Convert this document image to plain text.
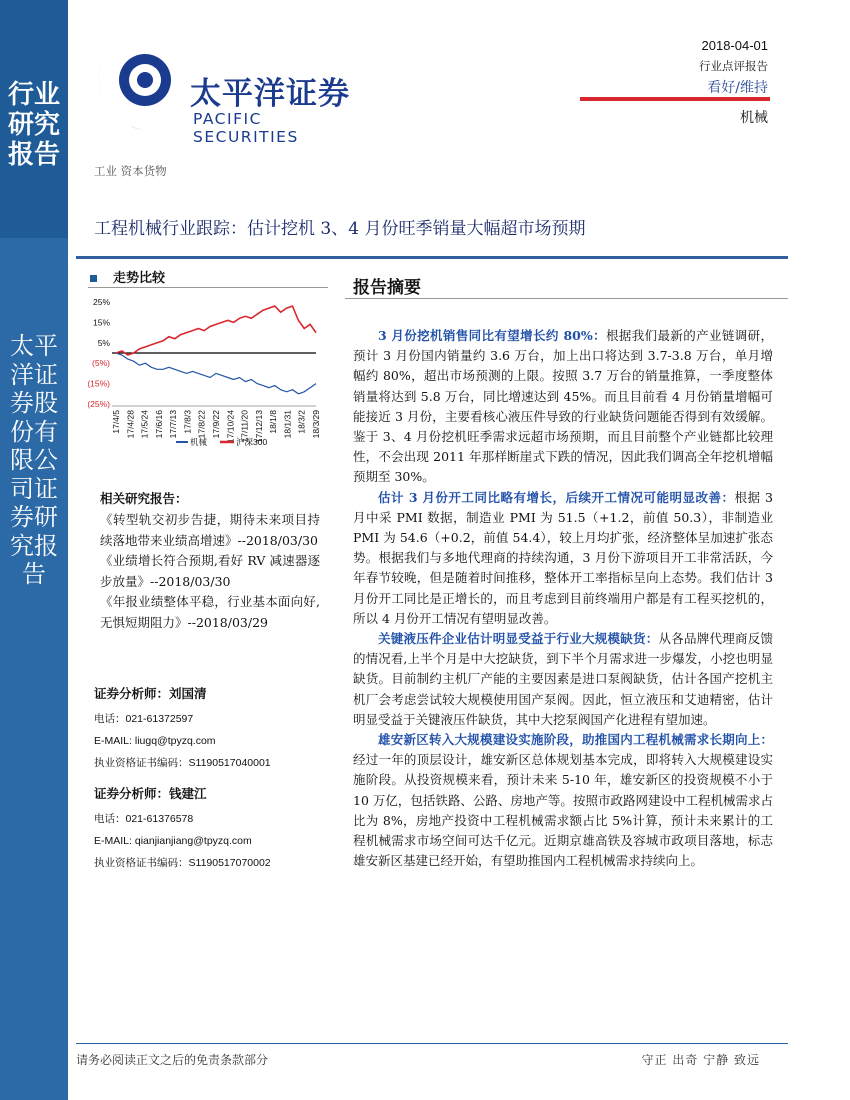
行业研究报告
太平洋证券股份有限公司证券研究报告
太平洋证券
PACIFIC SECURITIES
2018-04-01
行业点评报告
看好/维持
机械
工业 资本货物
工程机械行业跟踪：估计挖机 3、4 月份旺季销量大幅超市场预期
走势比较
25%
15%
5%
(5%)
(15%)
(25%)
17/4/5 17/4/28 17/5/24 17/6/16 17/7/13 17/8/3 17/8/22 17/9/22 17/10/24 17/11/20 17/12/13 18/1/8 18/1/31 18/3/2 18/3/29
机械	沪深300
相关研究报告：

《转型轨交初步告捷，期待未来项目持续落地带来业绩高增速》--2018/03/30

《业绩增长符合预期,看好 RV 减速器逐步放量》--2018/03/30

《年报业绩整体平稳，行业基本面向好,无惧短期阻力》--2018/03/29

证券分析师：刘国清
电话：021-61372597
E-MAIL: liugq@tpyzq.com
执业资格证书编码：S1190517040001
证券分析师：钱建江
电话：021-61376578
E-MAIL: qianjianjiang@tpyzq.com
执业资格证书编码：S1190517070002
报告摘要

3 月份挖机销售同比有望增长约 80%：根据我们最新的产业链调研，预计 3 月份国内销量约 3.6 万台，加上出口将达到 3.7-3.8 万台，单月增幅约 80%，超出市场预测的上限。按照 3.7 万台的销量推算，一季度整体销量将达到 5.8 万台，同比增速达到 45%。而且目前看 4 月份销量增幅可能接近 3 月份，主要看核心液压件导致的行业缺货问题能否得到有效缓解。鉴于 3、4 月份挖机旺季需求远超市场预期，而且目前整个产业链都比较理性，不会出现 2011 年那样断崖式下跌的情况，因此我们调高全年挖机增幅预期至 30%。

估计 3 月份开工同比略有增长，后续开工情况可能明显改善：根据 3 月中采 PMI 数据，制造业 PMI 为 51.5（+1.2，前值 50.3），非制造业 PMI 为 54.6（+0.2，前值 54.4），较上月均扩张，经济整体呈加速扩张态势。根据我们与多地代理商的持续沟通，3 月份下游项目开工非常活跃，今年春节较晚，但是随着时间推移，整体开工率指标呈向上态势。我们估计 3 月份开工同比是正增长的，而且考虑到目前终端用户都是有工程买挖机的，所以 4 月份开工情况有望明显改善。

关键液压件企业估计明显受益于行业大规模缺货：从各品牌代理商反馈的情况看,上半个月是中大挖缺货，到下半个月需求进一步爆发，小挖也明显缺货。目前制约主机厂产能的主要因素是进口泵阀缺货，估计各国产挖机主机厂会考虑尝试较大规模使用国产泵阀。因此，恒立液压和艾迪精密，估计明显受益于关键液压件缺货，其中大挖泵阀国产化进程有望加速。

雄安新区转入大规模建设实施阶段，助推国内工程机械需求长期向上：经过一年的顶层设计，雄安新区总体规划基本完成，即将转入大规模建设实施阶段。从投资规模来看，预计未来 5-10 年，雄安新区的投资规模不小于 10 万亿，包括铁路、公路、房地产等。按照市政路网建设中工程机械需求占比为 8%，房地产投资中工程机械需求额占比 5%计算，预计未来累计的工程机械需求市场空间可达千亿元。近期京雄高铁及容城市政项目落地，标志雄安新区基建已经开始，有望助推国内工程机械需求持续向上。

请务必阅读正文之后的免责条款部分	守正 出奇 宁静 致远
